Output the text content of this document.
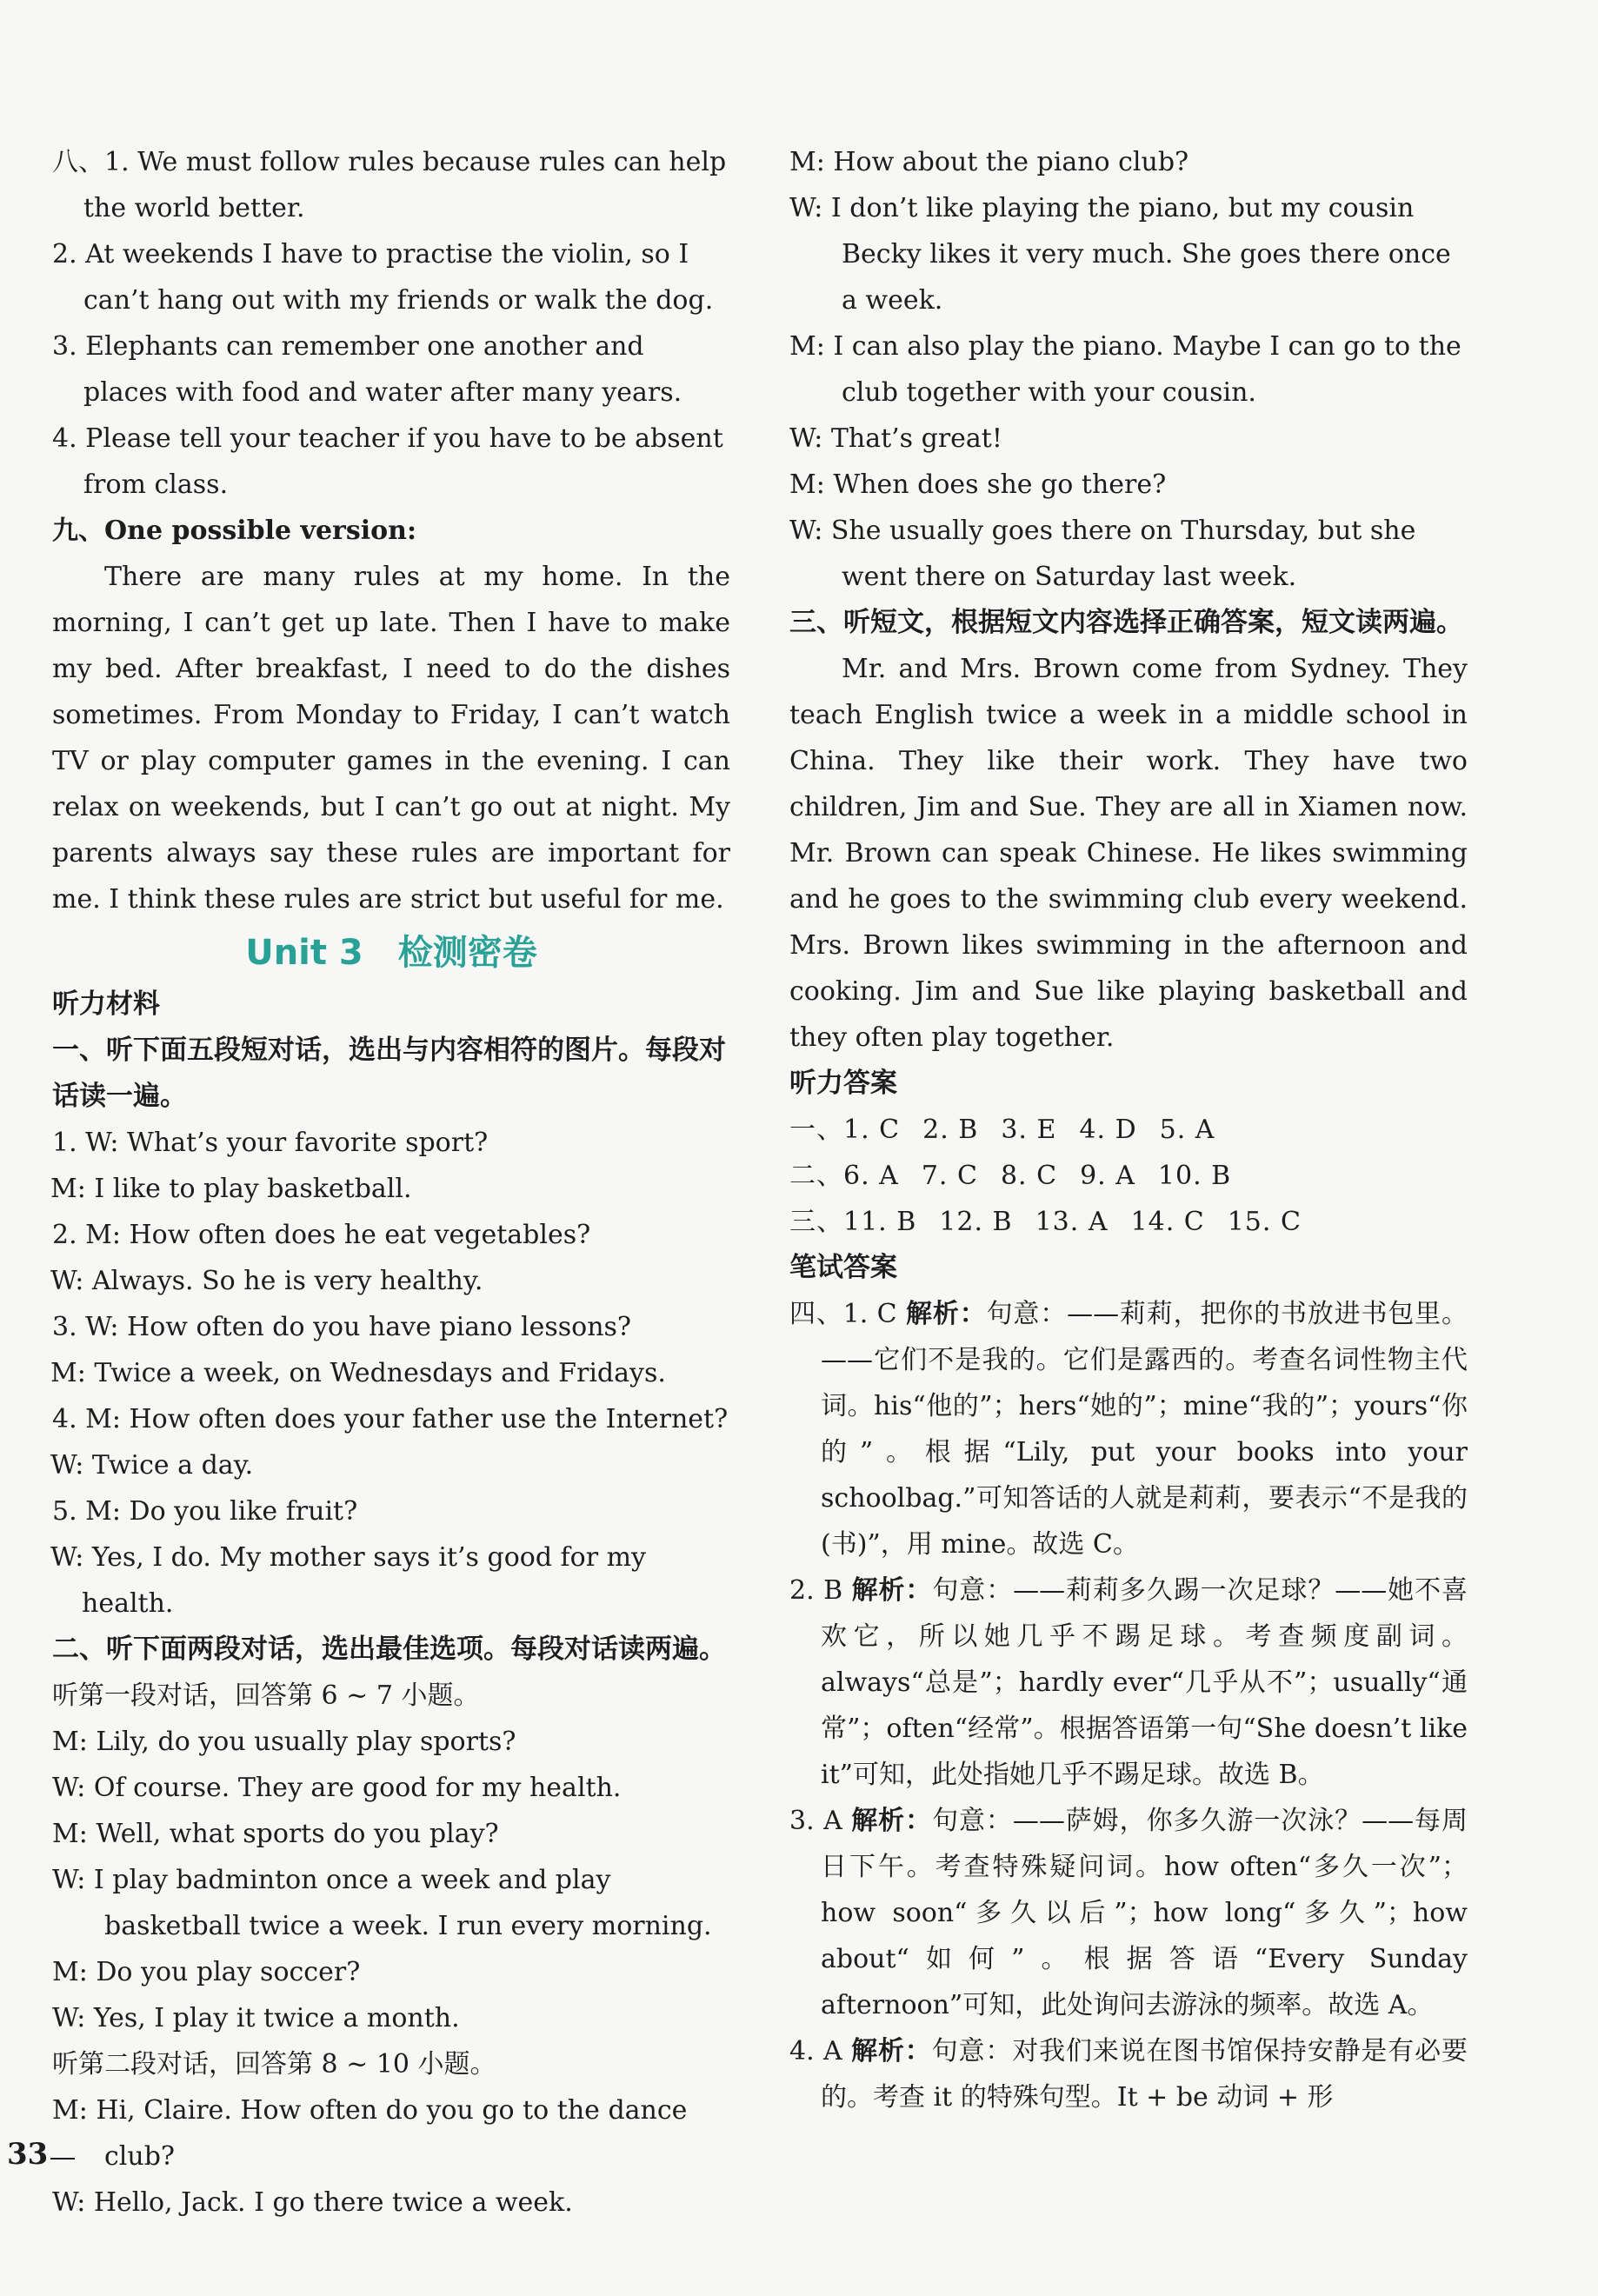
八、1. We must follow rules because rules can help the world better.

2. At weekends I have to practise the violin, so I can’t hang out with my friends or walk the dog.

3. Elephants can remember one another and places with food and water after many years.

4. Please tell your teacher if you have to be absent from class.

九、One possible version:

There are many rules at my home. In the morning, I can’t get up late. Then I have to make my bed. After breakfast, I need to do the dishes sometimes. From Monday to Friday, I can’t watch TV or play computer games in the evening. I can relax on weekends, but I can’t go out at night. My parents always say these rules are important for me. I think these rules are strict but useful for me.

Unit 3　检测密卷

听力材料

一、听下面五段短对话，选出与内容相符的图片。每段对话读一遍。

1. W: What’s your favorite sport?

M: I like to play basketball.

2. M: How often does he eat vegetables?

W: Always. So he is very healthy.

3. W: How often do you have piano lessons?

M: Twice a week, on Wednesdays and Fridays.

4. M: How often does your father use the Internet?

W: Twice a day.

5. M: Do you like fruit?

W: Yes, I do. My mother says it’s good for my health.

二、听下面两段对话，选出最佳选项。每段对话读两遍。

听第一段对话，回答第 6 ~ 7 小题。

M: Lily, do you usually play sports?

W: Of course. They are good for my health.

M: Well, what sports do you play?

W: I play badminton once a week and play basketball twice a week. I run every morning.

M: Do you play soccer?

W: Yes, I play it twice a month.

听第二段对话，回答第 8 ~ 10 小题。

M: Hi, Claire. How often do you go to the dance club?

W: Hello, Jack. I go there twice a week.

M: How about the piano club?

W: I don’t like playing the piano, but my cousin Becky likes it very much. She goes there once a week.

M: I can also play the piano. Maybe I can go to the club together with your cousin.

W: That’s great!

M: When does she go there?

W: She usually goes there on Thursday, but she went there on Saturday last week.

三、听短文，根据短文内容选择正确答案，短文读两遍。

Mr. and Mrs. Brown come from Sydney. They teach English twice a week in a middle school in China. They like their work. They have two children, Jim and Sue. They are all in Xiamen now. Mr. Brown can speak Chinese. He likes swimming and he goes to the swimming club every weekend. Mrs. Brown likes swimming in the afternoon and cooking. Jim and Sue like playing basketball and they often play together.

听力答案

一、1. C 2. B 3. E 4. D 5. A

二、6. A 7. C 8. C 9. A 10. B

三、11. B 12. B 13. A 14. C 15. C

笔试答案

四、1. C 解析：句意：——莉莉，把你的书放进书包里。——它们不是我的。它们是露西的。考查名词性物主代词。his“他的”；hers“她的”；mine“我的”；yours“你的”。根据“Lily, put your books into your schoolbag.”可知答话的人就是莉莉，要表示“不是我的(书)”，用 mine。故选 C。

2. B 解析：句意：——莉莉多久踢一次足球？——她不喜欢它，所以她几乎不踢足球。考查频度副词。always“总是”；hardly ever“几乎从不”；usually“通常”；often“经常”。根据答语第一句“She doesn’t like it”可知，此处指她几乎不踢足球。故选 B。

3. A 解析：句意：——萨姆，你多久游一次泳？——每周日下午。考查特殊疑问词。how often“多久一次”；how soon“多久以后”；how long“多久”；how about“如何”。根据答语“Every Sunday afternoon”可知，此处询问去游泳的频率。故选 A。

4. A 解析：句意：对我们来说在图书馆保持安静是有必要的。考查 it 的特殊句型。It + be 动词 + 形

33
